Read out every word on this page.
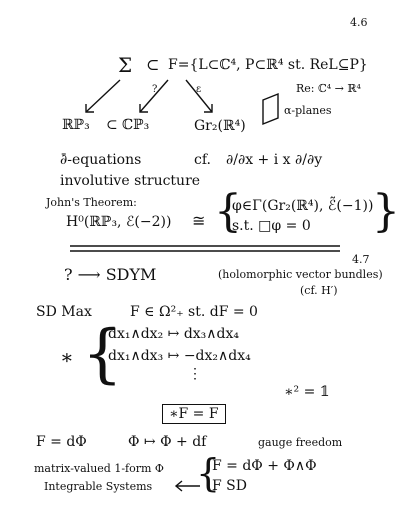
4.6
4.7
Σ ⊂ F={L⊂ℂ⁴, P⊂ℝ⁴ st. ReL⊆P}
Re: ℂ⁴ → ℝ⁴
?	ε
ℝℙ₃ ⊂ ℂℙ₃	Gr₂(ℝ⁴)
α-planes
∂̄-equations	cf. ∂/∂x + i x ∂/∂y
involutive structure
John's Theorem:
H⁰(ℝℙ₃, ℰ(−2)) ≅ {
φ∈Γ(Gr₂(ℝ⁴), ℰ̃(−1))
s.t. □φ = 0 }
? ⟶ SDYM	(holomorphic vector bundles)
(cf. H′)
SD Max	F ∈ Ω²₊ st. dF = 0
∗ {
dx₁∧dx₂ ↦ dx₃∧dx₄
dx₁∧dx₃ ↦ −dx₂∧dx₄
⋮
∗² = 𝟙
∗F = F
F = dΦ	Φ ↦ Φ + df	gauge freedom
matrix-valued 1-form Φ {
F = dΦ + Φ∧Φ
F SD
Integrable Systems
